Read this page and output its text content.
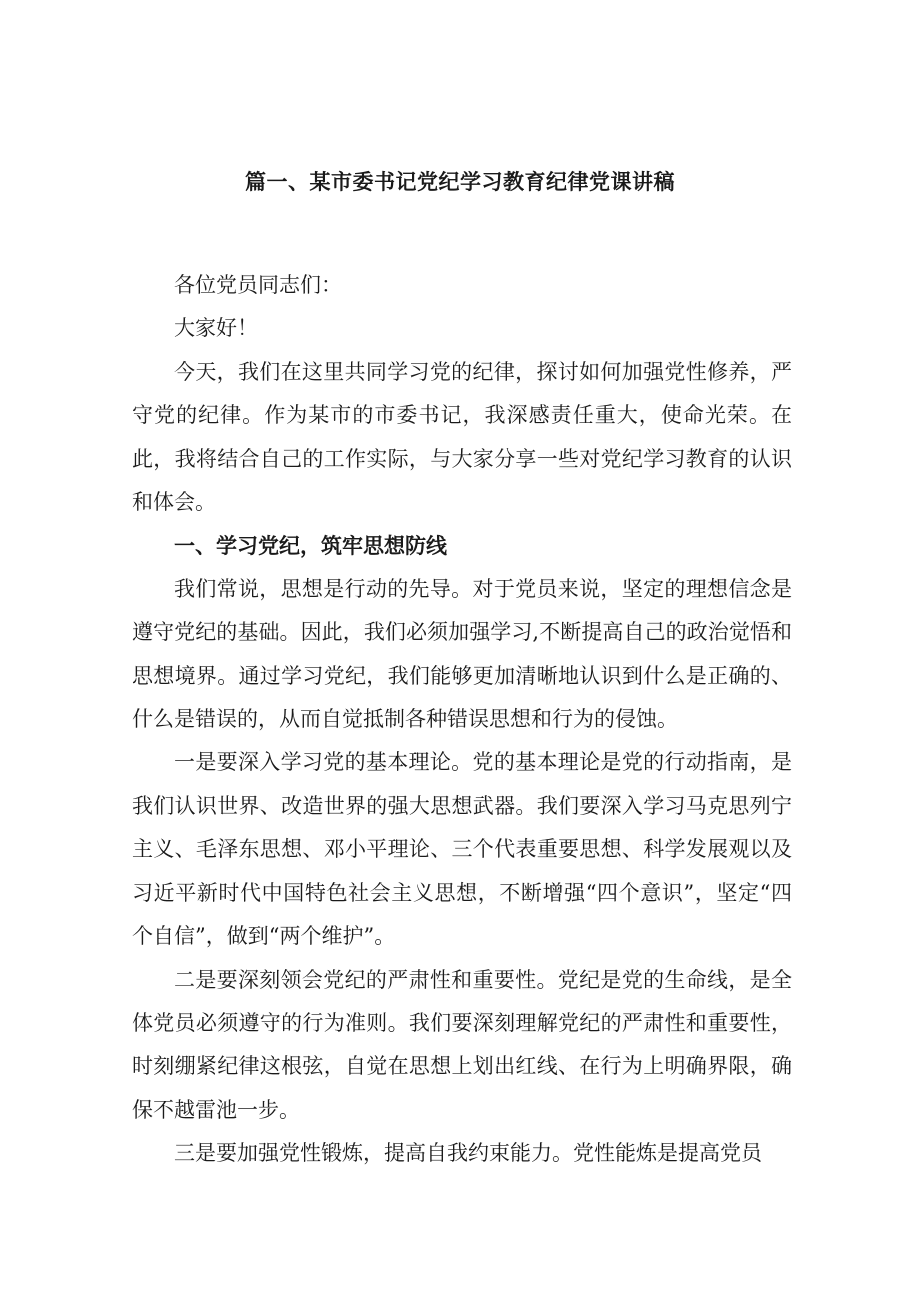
篇一、某市委书记党纪学习教育纪律党课讲稿

各位党员同志们：

大家好！

今天，我们在这里共同学习党的纪律，探讨如何加强党性修养，严守党的纪律。作为某市的市委书记，我深感责任重大，使命光荣。在此，我将结合自己的工作实际，与大家分享一些对党纪学习教育的认识和体会。

一、学习党纪，筑牢思想防线

我们常说，思想是行动的先导。对于党员来说，坚定的理想信念是遵守党纪的基础。因此，我们必须加强学习,不断提高自己的政治觉悟和思想境界。通过学习党纪，我们能够更加清晰地认识到什么是正确的、什么是错误的，从而自觉抵制各种错误思想和行为的侵蚀。

一是要深入学习党的基本理论。党的基本理论是党的行动指南，是我们认识世界、改造世界的强大思想武器。我们要深入学习马克思列宁主义、毛泽东思想、邓小平理论、三个代表重要思想、科学发展观以及习近平新时代中国特色社会主义思想，不断增强“四个意识”，坚定“四个自信”，做到“两个维护”。

二是要深刻领会党纪的严肃性和重要性。党纪是党的生命线，是全体党员必须遵守的行为准则。我们要深刻理解党纪的严肃性和重要性，时刻绷紧纪律这根弦，自觉在思想上划出红线、在行为上明确界限，确保不越雷池一步。

三是要加强党性锻炼，提高自我约束能力。党性能炼是提高党员
